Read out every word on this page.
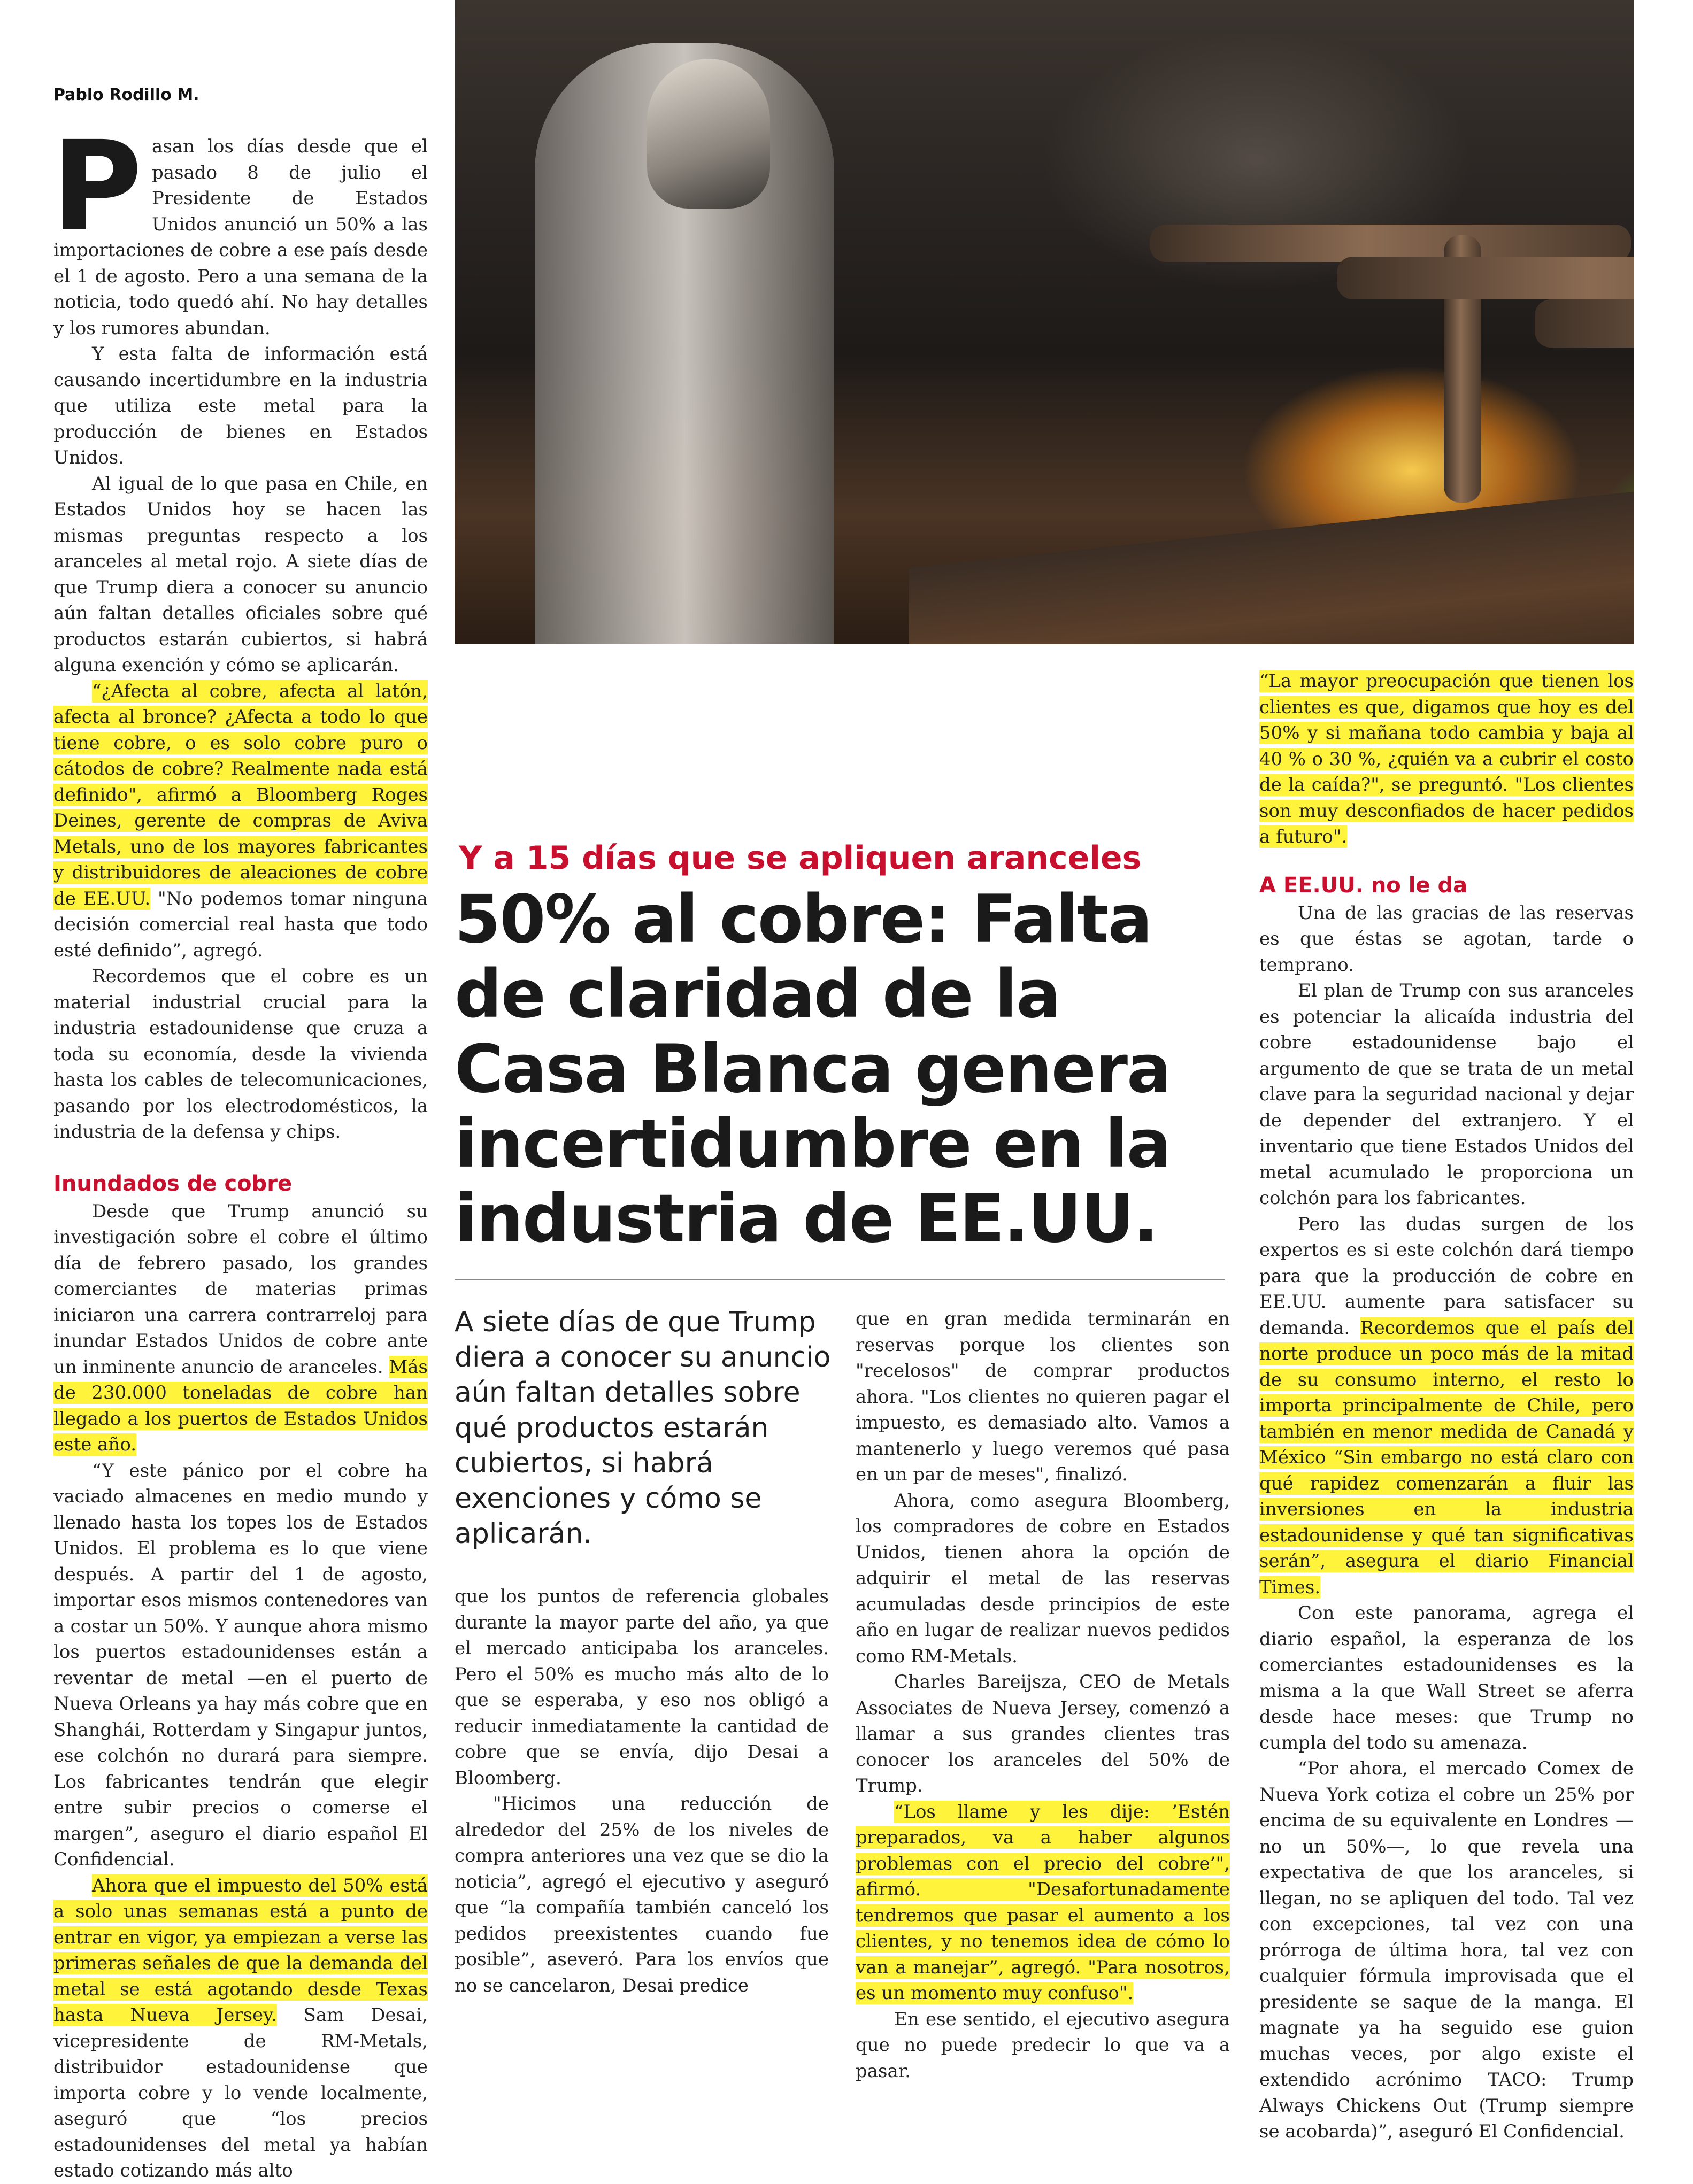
Pablo Rodillo M.

Pasan los días desde que el pasado 8 de julio el Presidente de Estados Unidos anunció un 50% a las importaciones de cobre a ese país desde el 1 de agosto. Pero a una semana de la noticia, todo quedó ahí. No hay detalles y los rumores abundan.

Y esta falta de información está causando incertidumbre en la industria que utiliza este metal para la producción de bienes en Estados Unidos.

Al igual de lo que pasa en Chile, en Estados Unidos hoy se hacen las mismas preguntas respecto a los aranceles al metal rojo. A siete días de que Trump diera a conocer su anuncio aún faltan detalles oficiales sobre qué productos estarán cubiertos, si habrá alguna exención y cómo se aplicarán.

“¿Afecta al cobre, afecta al latón, afecta al bronce? ¿Afecta a todo lo que tiene cobre, o es solo cobre puro o cátodos de cobre? Realmente nada está definido", afirmó a Bloomberg Roges Deines, gerente de compras de Aviva Metals, uno de los mayores fabricantes y distribuidores de aleaciones de cobre de EE.UU. "No podemos tomar ninguna decisión comercial real hasta que todo esté definido”, agregó.

Recordemos que el cobre es un material industrial crucial para la industria estadounidense que cruza a toda su economía, desde la vivienda hasta los cables de telecomunicaciones, pasando por los electrodomésticos, la industria de la defensa y chips.

Inundados de cobre

Desde que Trump anunció su investigación sobre el cobre el último día de febrero pasado, los grandes comerciantes de materias primas iniciaron una carrera contrarreloj para inundar Estados Unidos de cobre ante un inminente anuncio de aranceles. Más de 230.000 toneladas de cobre han llegado a los puertos de Estados Unidos este año.

“Y este pánico por el cobre ha vaciado almacenes en medio mundo y llenado hasta los topes los de Estados Unidos. El problema es lo que viene después. A partir del 1 de agosto, importar esos mismos contenedores van a costar un 50%. Y aunque ahora mismo los puertos estadounidenses están a reventar de metal —en el puerto de Nueva Orleans ya hay más cobre que en Shanghái, Rotterdam y Singapur juntos, ese colchón no durará para siempre. Los fabricantes tendrán que elegir entre subir precios o comerse el margen”, aseguro el diario español El Confidencial.

Ahora que el impuesto del 50% está a solo unas semanas está a punto de entrar en vigor, ya empiezan a verse las primeras señales de que la demanda del metal se está agotando desde Texas hasta Nueva Jersey. Sam Desai, vicepresidente de RM-Metals, distribuidor estadounidense que importa cobre y lo vende localmente, aseguró que “los precios estadounidenses del metal ya habían estado cotizando más alto

Y a 15 días que se apliquen aranceles
50% al cobre: Falta de claridad de la Casa Blanca genera incertidumbre en la industria de EE.UU.
A siete días de que Trump diera a conocer su anuncio aún faltan detalles sobre qué productos estarán cubiertos, si habrá exenciones y cómo se aplicarán.

que los puntos de referencia globales durante la mayor parte del año, ya que el mercado anticipaba los aranceles. Pero el 50% es mucho más alto de lo que se esperaba, y eso nos obligó a reducir inmediatamente la cantidad de cobre que se envía, dijo Desai a Bloomberg.

"Hicimos una reducción de alrededor del 25% de los niveles de compra anteriores una vez que se dio la noticia”, agregó el ejecutivo y aseguró que “la compañía también canceló los pedidos preexistentes cuando fue posible”, aseveró. Para los envíos que no se cancelaron, Desai predice

que en gran medida terminarán en reservas porque los clientes son "recelosos" de comprar productos ahora. "Los clientes no quieren pagar el impuesto, es demasiado alto. Vamos a mantenerlo y luego veremos qué pasa en un par de meses", finalizó.

Ahora, como asegura Bloomberg, los compradores de cobre en Estados Unidos, tienen ahora la opción de adquirir el metal de las reservas acumuladas desde principios de este año en lugar de realizar nuevos pedidos como RM-Metals.

Charles Bareijsza, CEO de Metals Associates de Nueva Jersey, comenzó a llamar a sus grandes clientes tras conocer los aranceles del 50% de Trump.

“Los llame y les dije: ’Estén preparados, va a haber algunos problemas con el precio del cobre’", afirmó. "Desafortunadamente tendremos que pasar el aumento a los clientes, y no tenemos idea de cómo lo van a manejar”, agregó. "Para nosotros, es un momento muy confuso".

En ese sentido, el ejecutivo asegura que no puede predecir lo que va a pasar.

“La mayor preocupación que tienen los clientes es que, digamos que hoy es del 50% y si mañana todo cambia y baja al 40 % o 30 %, ¿quién va a cubrir el costo de la caída?", se preguntó. "Los clientes son muy desconfiados de hacer pedidos a futuro".

A EE.UU. no le da

Una de las gracias de las reservas es que éstas se agotan, tarde o temprano.

El plan de Trump con sus aranceles es potenciar la alicaída industria del cobre estadounidense bajo el argumento de que se trata de un metal clave para la seguridad nacional y dejar de depender del extranjero. Y el inventario que tiene Estados Unidos del metal acumulado le proporciona un colchón para los fabricantes.

Pero las dudas surgen de los expertos es si este colchón dará tiempo para que la producción de cobre en EE.UU. aumente para satisfacer su demanda. Recordemos que el país del norte produce un poco más de la mitad de su consumo interno, el resto lo importa principalmente de Chile, pero también en menor medida de Canadá y México “Sin embargo no está claro con qué rapidez comenzarán a fluir las inversiones en la industria estadounidense y qué tan significativas serán”, asegura el diario Financial Times.

Con este panorama, agrega el diario español, la esperanza de los comerciantes estadounidenses es la misma a la que Wall Street se aferra desde hace meses: que Trump no cumpla del todo su amenaza.

“Por ahora, el mercado Comex de Nueva York cotiza el cobre un 25% por encima de su equivalente en Londres —no un 50%—, lo que revela una expectativa de que los aranceles, si llegan, no se apliquen del todo. Tal vez con excepciones, tal vez con una prórroga de última hora, tal vez con cualquier fórmula improvisada que el presidente se saque de la manga. El magnate ya ha seguido ese guion muchas veces, por algo existe el extendido acrónimo TACO: Trump Always Chickens Out (Trump siempre se acobarda)”, aseguró El Confidencial.
